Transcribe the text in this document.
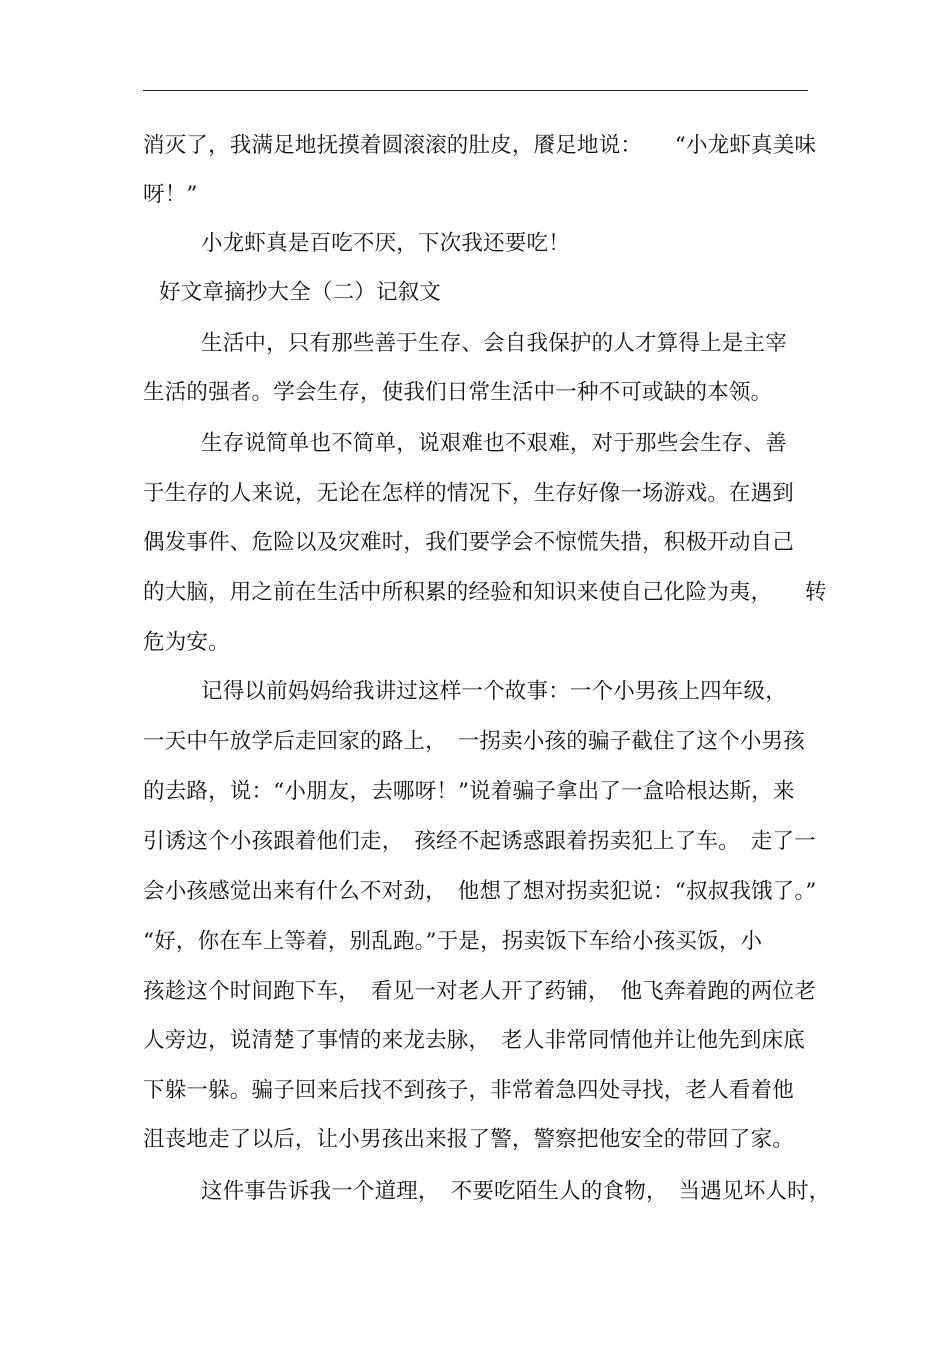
消灭了，我满足地抚摸着圆滚滚的肚皮，餍足地说：　　“小龙虾真美味

呀！”

小龙虾真是百吃不厌，下次我还要吃！

好文章摘抄大全（二）记叙文

生活中，只有那些善于生存、会自我保护的人才算得上是主宰

生活的强者。学会生存，使我们日常生活中一种不可或缺的本领。

生存说简单也不简单，说艰难也不艰难，对于那些会生存、善

于生存的人来说，无论在怎样的情况下，生存好像一场游戏。在遇到

偶发事件、危险以及灾难时，我们要学会不惊慌失措，积极开动自己

的大脑，用之前在生活中所积累的经验和知识来使自己化险为夷，　　转

危为安。

记得以前妈妈给我讲过这样一个故事：一个小男孩上四年级，

一天中午放学后走回家的路上，　一拐卖小孩的骗子截住了这个小男孩

的去路，说：“小朋友，去哪呀！”说着骗子拿出了一盒哈根达斯，来

引诱这个小孩跟着他们走，　孩经不起诱惑跟着拐卖犯上了车。　走了一

会小孩感觉出来有什么不对劲，　他想了想对拐卖犯说：“叔叔我饿了。”

“好，你在车上等着，别乱跑。”于是，拐卖饭下车给小孩买饭，小

孩趁这个时间跑下车，　看见一对老人开了药铺，　他飞奔着跑的两位老

人旁边，说清楚了事情的来龙去脉，　老人非常同情他并让他先到床底

下躲一躲。骗子回来后找不到孩子，非常着急四处寻找，老人看着他

沮丧地走了以后，让小男孩出来报了警，警察把他安全的带回了家。

这件事告诉我一个道理，　不要吃陌生人的食物，　当遇见坏人时，
